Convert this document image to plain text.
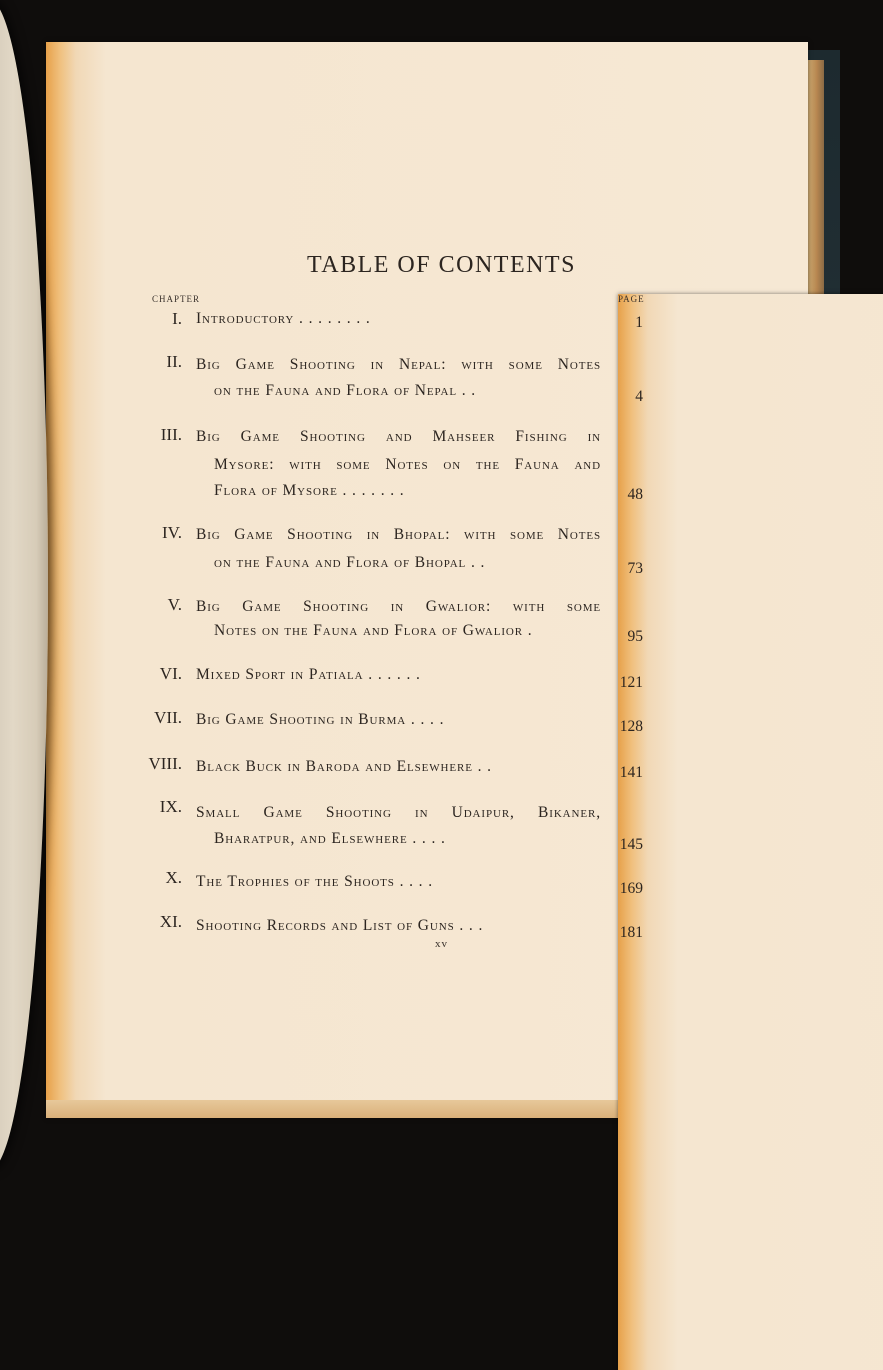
TABLE OF CONTENTS
CHAPTER	PAGE
I. Introductory . . . . . . . .	1
II. Big Game Shooting in Nepal: with some Notes
on the Fauna and Flora of Nepal . .	4
III. Big Game Shooting and Mahseer Fishing in
Mysore: with some Notes on the Fauna and
Flora of Mysore . . . . . . .	48
IV. Big Game Shooting in Bhopal: with some Notes
on the Fauna and Flora of Bhopal . .	73
V. Big Game Shooting in Gwalior: with some
Notes on the Fauna and Flora of Gwalior .	95
VI. Mixed Sport in Patiala . . . . . .	121
VII. Big Game Shooting in Burma . . . .	128
VIII. Black Buck in Baroda and Elsewhere . .	141
IX. Small Game Shooting in Udaipur, Bikaner,
Bharatpur, and Elsewhere . . . .	145
X. The Trophies of the Shoots . . . .	169
XI. Shooting Records and List of Guns . . .	181
xv
